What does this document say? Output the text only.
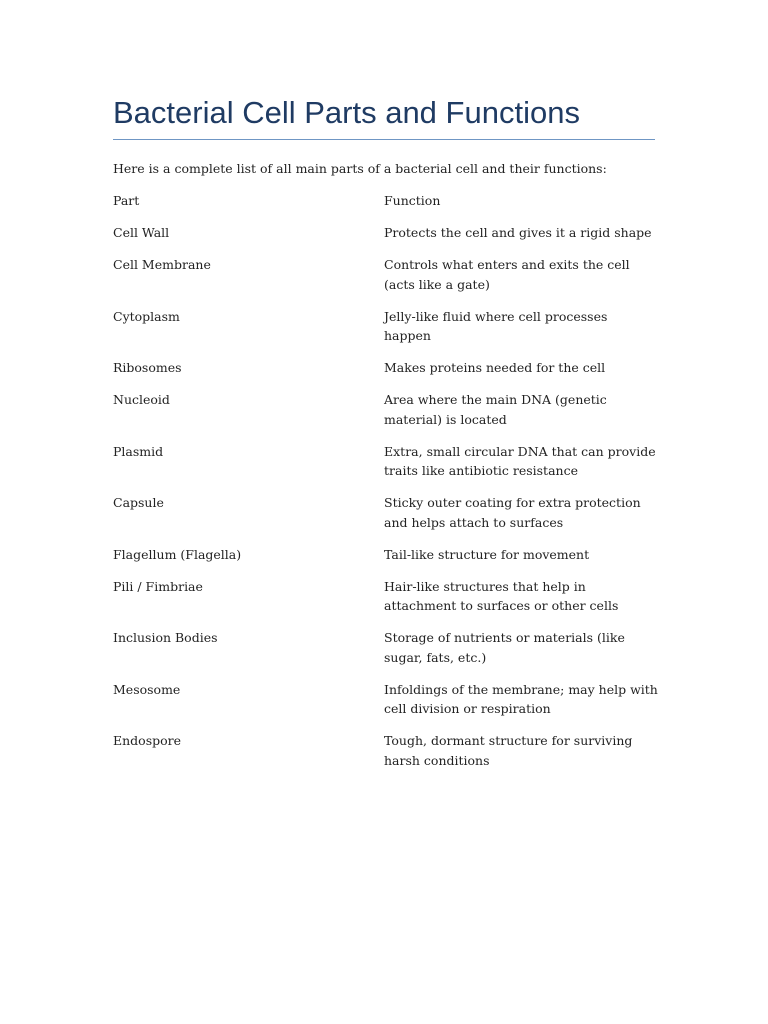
Bacterial Cell Parts and Functions

Here is a complete list of all main parts of a bacterial cell and their functions:

Part	Function
Cell Wall	Protects the cell and gives it a rigid shape
Cell Membrane	Controls what enters and exits the cell (acts like a gate)
Cytoplasm	Jelly-like fluid where cell processes happen
Ribosomes	Makes proteins needed for the cell
Nucleoid	Area where the main DNA (genetic material) is located
Plasmid	Extra, small circular DNA that can provide traits like antibiotic resistance
Capsule	Sticky outer coating for extra protection and helps attach to surfaces
Flagellum (Flagella)	Tail-like structure for movement
Pili / Fimbriae	Hair-like structures that help in attachment to surfaces or other cells
Inclusion Bodies	Storage of nutrients or materials (like sugar, fats, etc.)
Mesosome	Infoldings of the membrane; may help with cell division or respiration
Endospore	Tough, dormant structure for surviving harsh conditions
